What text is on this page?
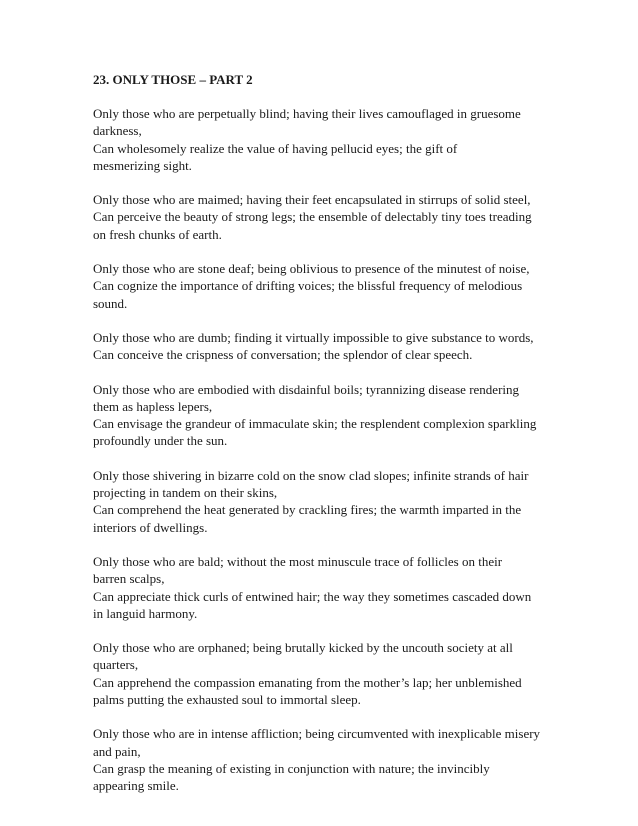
23. ONLY THOSE – PART 2
Only those who are perpetually blind; having their lives camouflaged in gruesome
darkness,
Can wholesomely realize the value of having pellucid eyes; the gift of
mesmerizing sight.
Only those who are maimed; having their feet encapsulated in stirrups of solid steel,
Can perceive the beauty of strong legs; the ensemble of delectably tiny toes treading
on fresh chunks of earth.
Only those who are stone deaf; being oblivious to presence of the minutest of noise,
Can cognize the importance of drifting voices; the blissful frequency of melodious
sound.
Only those who are dumb; finding it virtually impossible to give substance to words,
Can conceive the crispness of conversation; the splendor of clear speech.
Only those who are embodied with disdainful boils; tyrannizing disease rendering
them as hapless lepers,
Can envisage the grandeur of immaculate skin; the resplendent complexion sparkling
profoundly under the sun.
Only those shivering in bizarre cold on the snow clad slopes; infinite strands of hair
projecting in tandem on their skins,
Can comprehend the heat generated by crackling fires; the warmth imparted in the
interiors of dwellings.
Only those who are bald; without the most minuscule trace of follicles on their
barren scalps,
Can appreciate thick curls of entwined hair; the way they sometimes cascaded down
in languid harmony.
Only those who are orphaned; being brutally kicked by the uncouth society at all
quarters,
Can apprehend the compassion emanating from the mother’s lap; her unblemished
palms putting the exhausted soul to immortal sleep.
Only those who are in intense affliction; being circumvented with inexplicable misery
and pain,
Can grasp the meaning of existing in conjunction with nature; the invincibly
appearing smile.
